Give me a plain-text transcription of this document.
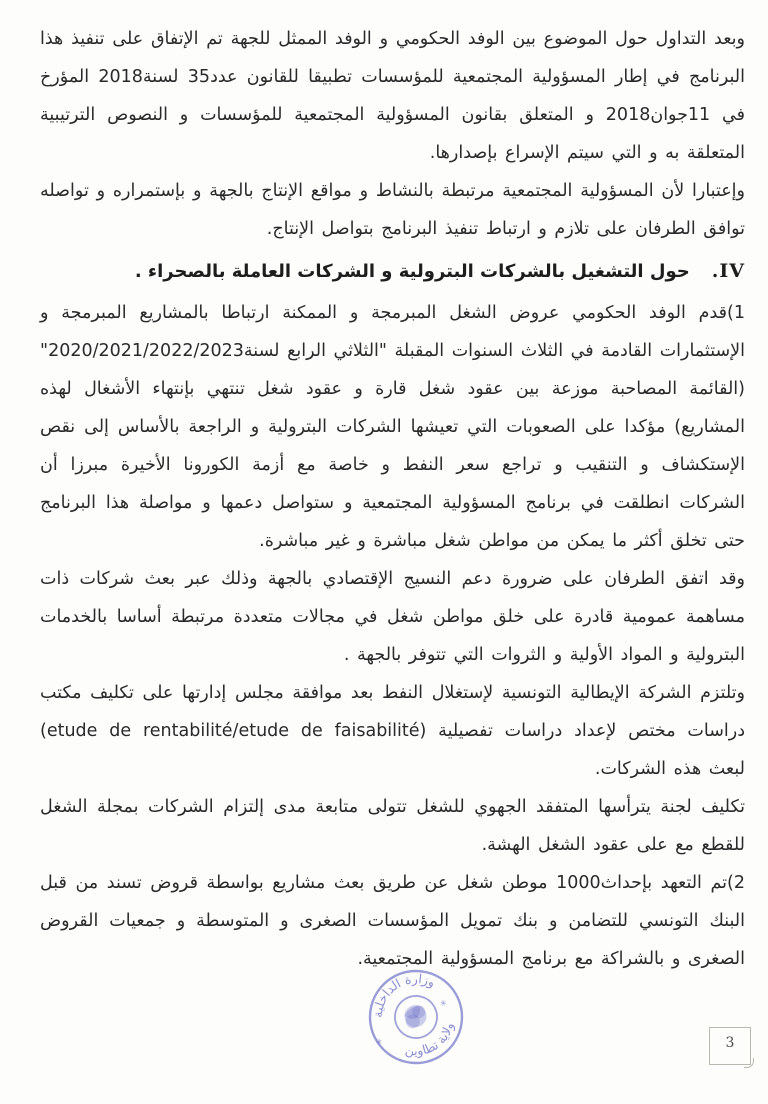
وبعد التداول حول الموضوع بين الوفد الحكومي و الوفد الممثل للجهة تم الإتفاق على تنفيذ هذا البرنامج في إطار المسؤولية المجتمعية للمؤسسات تطبيقا للقانون عدد35 لسنة2018 المؤرخ في 11جوان2018 و المتعلق بقانون المسؤولية المجتمعية للمؤسسات و النصوص الترتيبية المتعلقة به و التي سيتم الإسراع بإصدارها.

وإعتبارا لأن المسؤولية المجتمعية مرتبطة بالنشاط و مواقع الإنتاج بالجهة و بإستمراره و تواصله توافق الطرفان على تلازم و ارتباط تنفيذ البرنامج بتواصل الإنتاج.

IV.
حول التشغيل بالشركات البترولية و الشركات العاملة بالصحراء .

1)قدم الوفد الحكومي عروض الشغل المبرمجة و الممكنة ارتباطا بالمشاريع المبرمجة و الإستثمارات القادمة في الثلاث السنوات المقبلة "الثلاثي الرابع لسنة2020/2021/2022/2023"(القائمة المصاحبة موزعة بين عقود شغل قارة و عقود شغل تنتهي بإنتهاء الأشغال لهذه المشاريع) مؤكدا على الصعوبات التي تعيشها الشركات البترولية و الراجعة بالأساس إلى نقص الإستكشاف و التنقيب و تراجع سعر النفط و خاصة مع أزمة الكورونا الأخيرة مبرزا أن الشركات انطلقت في برنامج المسؤولية المجتمعية و ستواصل دعمها و مواصلة هذا البرنامج حتى تخلق أكثر ما يمكن من مواطن شغل مباشرة و غير مباشرة.

وقد اتفق الطرفان على ضرورة دعم النسيج الإقتصادي بالجهة وذلك عبر بعث شركات ذات مساهمة عمومية قادرة على خلق مواطن شغل في مجالات متعددة مرتبطة أساسا بالخدمات البترولية و المواد الأولية و الثروات التي تتوفر بالجهة .

وتلتزم الشركة الإيطالية التونسية لإستغلال النفط بعد موافقة مجلس إدارتها على تكليف مكتب دراسات مختص لإعداد دراسات تفصيلية (etude de rentabilité/etude de faisabilité) لبعث هذه الشركات.

تكليف لجنة يترأسها المتفقد الجهوي للشغل تتولى متابعة مدى إلتزام الشركات بمجلة الشغل للقطع مع على عقود الشغل الهشة.

2)تم التعهد بإحداث1000 موطن شغل عن طريق بعث مشاريع بواسطة قروض تسند من قبل البنك التونسي للتضامن و بنك تمويل المؤسسات الصغرى و المتوسطة و جمعيات القروض الصغرى و بالشراكة مع برنامج المسؤولية المجتمعية.

وزارة الداخلية
ولاية تطاوين
✳
✳
3
